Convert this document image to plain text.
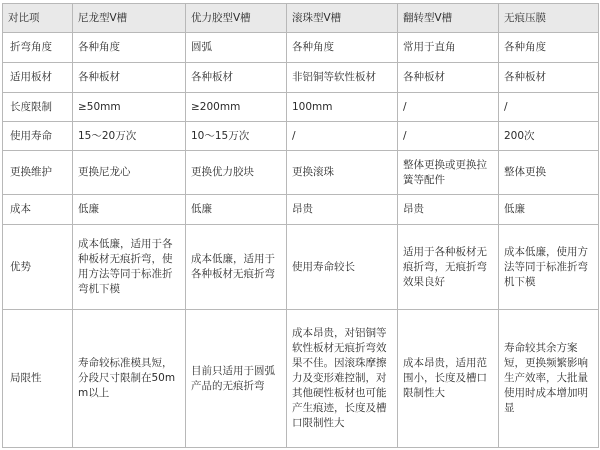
对比项	尼龙型Ⅴ槽	优力胶型Ⅴ槽	滚珠型Ⅴ槽	翻转型Ⅴ槽	无痕压膜
折弯角度	各种角度	圆弧	各种角度	常用于直角	各种角度
适用板材	各种板材	各种板材	非铝铜等软性板材	各种板材	各种板材
长度限制	≥50mm	≥200mm	100mm	/	/
使用寿命	15～20万次	10～15万次	/	/	200次
更换维护	更换尼龙心	更换优力胶块	更换滚珠	整体更换或更换拉簧等配件	整体更换
成本	低廉	低廉	昂贵	昂贵	低廉
优势	成本低廉，适用于各种板材无痕折弯，使用方法等同于标准折弯机下模	成本低廉，适用于各种板材无痕折弯	使用寿命较长	适用于各种板材无痕折弯，无痕折弯效果良好	成本低廉，使用方法等同于标准折弯机下模
局限性	寿命较标准模具短，分段尺寸限制在50mm以上	目前只适用于圆弧产品的无痕折弯	成本昂贵，对铝铜等软性板材无痕折弯效果不佳。因滚珠摩擦力及变形难控制，对其他硬性板材也可能产生痕迹，长度及槽口限制性大	成本昂贵，适用范围小，长度及槽口限制性大	寿命较其余方案短，更换频繁影响生产效率，大批量使用时成本增加明显
